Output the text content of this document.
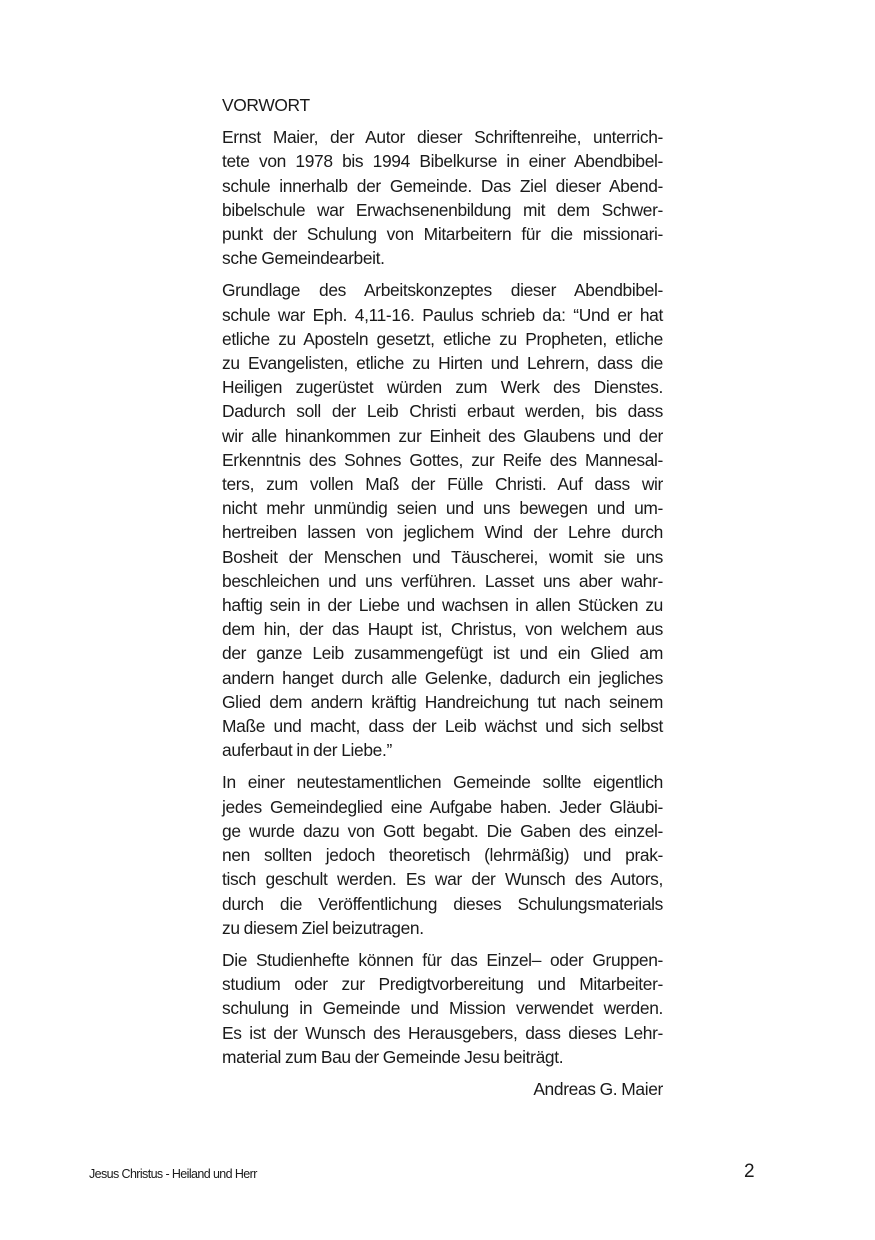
VORWORT
Ernst Maier, der Autor dieser Schriftenreihe, unterrich-
tete von 1978 bis 1994 Bibelkurse in einer Abendbibel-
schule innerhalb der Gemeinde. Das Ziel dieser Abend-
bibelschule war Erwachsenenbildung mit dem Schwer-
punkt der Schulung von Mitarbeitern für die missionari-
sche Gemeindearbeit.
Grundlage des Arbeitskonzeptes dieser Abendbibel-
schule war Eph. 4,11-16. Paulus schrieb da: “Und er hat
etliche zu Aposteln gesetzt, etliche zu Propheten, etliche
zu Evangelisten, etliche zu Hirten und Lehrern, dass die
Heiligen zugerüstet würden zum Werk des Dienstes.
Dadurch soll der Leib Christi erbaut werden, bis dass
wir alle hinankommen zur Einheit des Glaubens und der
Erkenntnis des Sohnes Gottes, zur Reife des Mannesal-
ters, zum vollen Maß der Fülle Christi. Auf dass wir
nicht mehr unmündig seien und uns bewegen und um-
hertreiben lassen von jeglichem Wind der Lehre durch
Bosheit der Menschen und Täuscherei, womit sie uns
beschleichen und uns verführen. Lasset uns aber wahr-
haftig sein in der Liebe und wachsen in allen Stücken zu
dem hin, der das Haupt ist, Christus, von welchem aus
der ganze Leib zusammengefügt ist und ein Glied am
andern hanget durch alle Gelenke, dadurch ein jegliches
Glied dem andern kräftig Handreichung tut nach seinem
Maße und macht, dass der Leib wächst und sich selbst
auferbaut in der Liebe.”
In einer neutestamentlichen Gemeinde sollte eigentlich
jedes Gemeindeglied eine Aufgabe haben. Jeder Gläubi-
ge wurde dazu von Gott begabt. Die Gaben des einzel-
nen sollten jedoch theoretisch (lehrmäßig) und prak-
tisch geschult werden. Es war der Wunsch des Autors,
durch die Veröffentlichung dieses Schulungsmaterials
zu diesem Ziel beizutragen.
Die Studienhefte können für das Einzel– oder Gruppen-
studium oder zur Predigtvorbereitung und Mitarbeiter-
schulung in Gemeinde und Mission verwendet werden.
Es ist der Wunsch des Herausgebers, dass dieses Lehr-
material zum Bau der Gemeinde Jesu beiträgt.
Andreas G. Maier
Jesus Christus - Heiland und Herr	2
